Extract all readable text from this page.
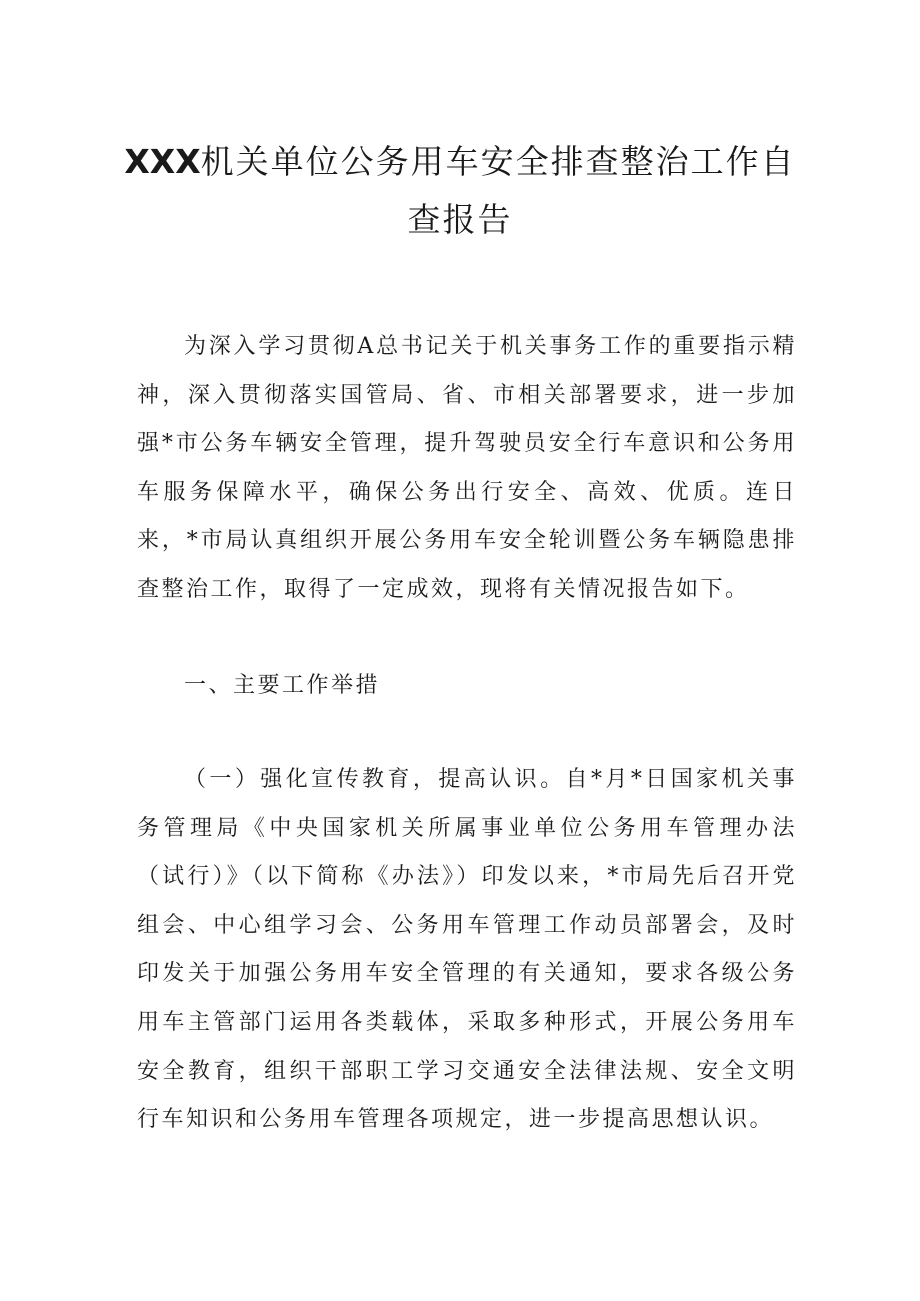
XXX机关单位公务用车安全排查整治工作自
查报告

为深入学习贯彻A总书记关于机关事务工作的重要指示精神，深入贯彻落实国管局、省、市相关部署要求，进一步加强*市公务车辆安全管理，提升驾驶员安全行车意识和公务用车服务保障水平，确保公务出行安全、高效、优质。连日来，*市局认真组织开展公务用车安全轮训暨公务车辆隐患排查整治工作，取得了一定成效，现将有关情况报告如下。

一、主要工作举措

（一）强化宣传教育，提高认识。自*月*日国家机关事务管理局《中央国家机关所属事业单位公务用车管理办法（试行）》（以下简称《办法》）印发以来，*市局先后召开党组会、中心组学习会、公务用车管理工作动员部署会，及时印发关于加强公务用车安全管理的有关通知，要求各级公务用车主管部门运用各类载体，采取多种形式，开展公务用车安全教育，组织干部职工学习交通安全法律法规、安全文明行车知识和公务用车管理各项规定，进一步提高思想认识。
